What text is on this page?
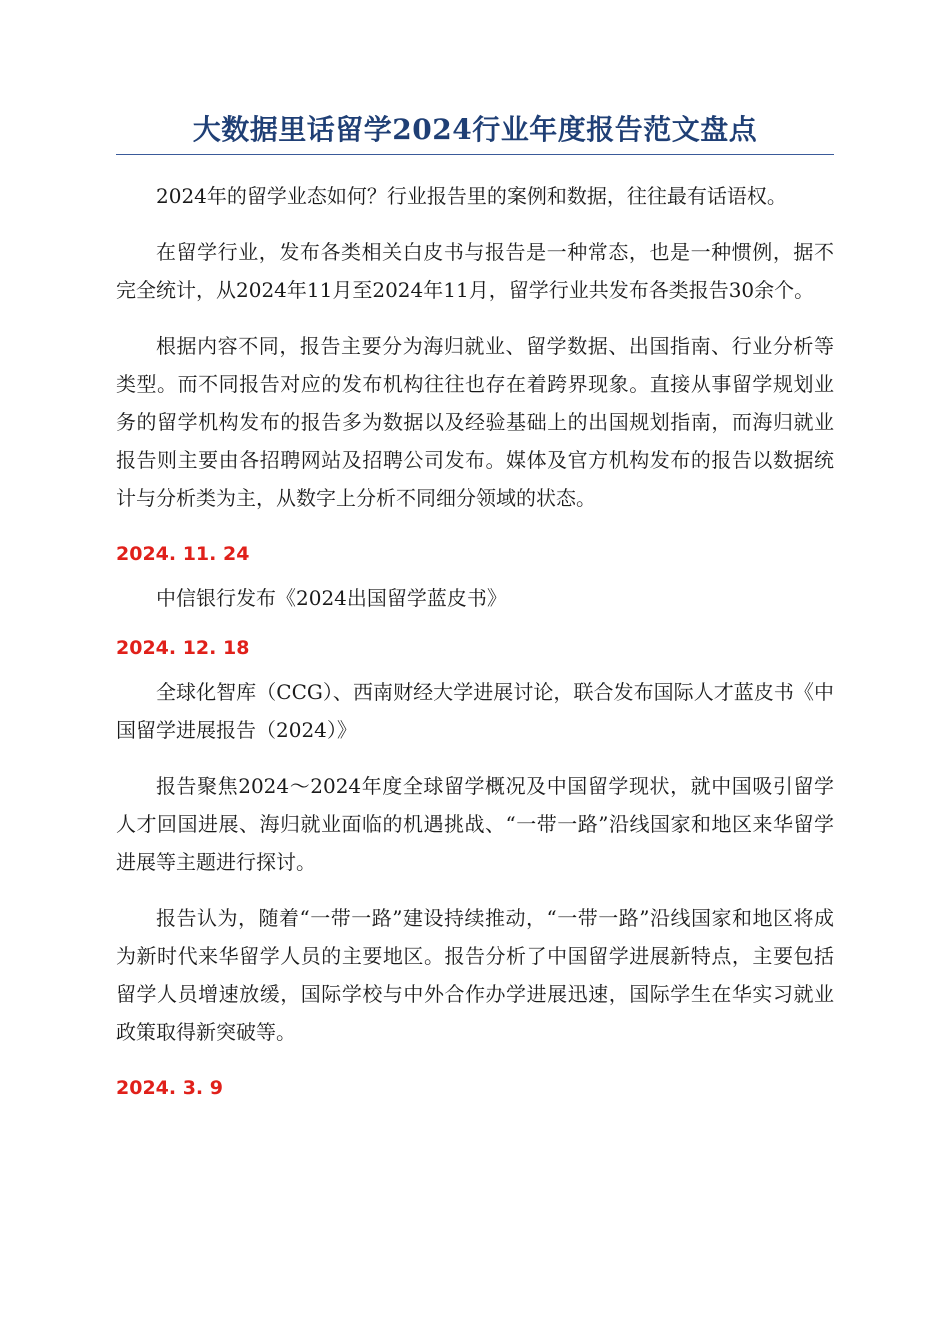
大数据里话留学2024行业年度报告范文盘点

2024年的留学业态如何？行业报告里的案例和数据，往往最有话语权。

在留学行业，发布各类相关白皮书与报告是一种常态，也是一种惯例，据不完全统计，从2024年11月至2024年11月，留学行业共发布各类报告30余个。

根据内容不同，报告主要分为海归就业、留学数据、出国指南、行业分析等类型。而不同报告对应的发布机构往往也存在着跨界现象。直接从事留学规划业务的留学机构发布的报告多为数据以及经验基础上的出国规划指南，而海归就业报告则主要由各招聘网站及招聘公司发布。媒体及官方机构发布的报告以数据统计与分析类为主，从数字上分析不同细分领域的状态。

2024. 11. 24

中信银行发布《2024出国留学蓝皮书》

2024. 12. 18

全球化智库（CCG）、西南财经大学进展讨论，联合发布国际人才蓝皮书《中国留学进展报告（2024）》

报告聚焦2024～2024年度全球留学概况及中国留学现状，就中国吸引留学人才回国进展、海归就业面临的机遇挑战、“一带一路”沿线国家和地区来华留学进展等主题进行探讨。

报告认为，随着“一带一路”建设持续推动，“一带一路”沿线国家和地区将成为新时代来华留学人员的主要地区。报告分析了中国留学进展新特点，主要包括留学人员增速放缓，国际学校与中外合作办学进展迅速，国际学生在华实习就业政策取得新突破等。

2024. 3. 9
